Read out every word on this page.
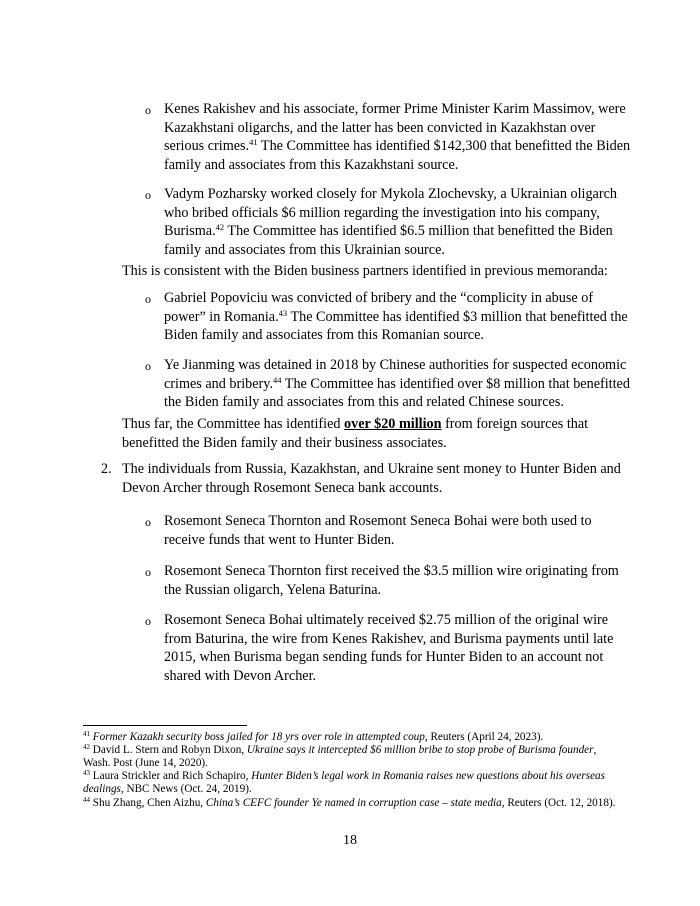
o Kenes Rakishev and his associate, former Prime Minister Karim Massimov, were Kazakhstani oligarchs, and the latter has been convicted in Kazakhstan over serious crimes.$^{41}$ The Committee has identified $142,300 that benefitted the Biden family and associates from this Kazakhstani source.
o Vadym Pozharsky worked closely for Mykola Zlochevsky, a Ukrainian oligarch who bribed officials $6 million regarding the investigation into his company, Burisma.$^{42}$ The Committee has identified $6.5 million that benefitted the Biden family and associates from this Ukrainian source.
This is consistent with the Biden business partners identified in previous memoranda:
o Gabriel Popoviciu was convicted of bribery and the “complicity in abuse of power” in Romania.$^{43}$ The Committee has identified $3 million that benefitted the Biden family and associates from this Romanian source.
o Ye Jianming was detained in 2018 by Chinese authorities for suspected economic crimes and bribery.$^{44}$ The Committee has identified over $8 million that benefitted the Biden family and associates from this and related Chinese sources.
Thus far, the Committee has identified over $20 million from foreign sources that benefitted the Biden family and their business associates.
2. The individuals from Russia, Kazakhstan, and Ukraine sent money to Hunter Biden and Devon Archer through Rosemont Seneca bank accounts.
o Rosemont Seneca Thornton and Rosemont Seneca Bohai were both used to receive funds that went to Hunter Biden.
o Rosemont Seneca Thornton first received the $3.5 million wire originating from the Russian oligarch, Yelena Baturina.
o Rosemont Seneca Bohai ultimately received $2.75 million of the original wire from Baturina, the wire from Kenes Rakishev, and Burisma payments until late 2015, when Burisma began sending funds for Hunter Biden to an account not shared with Devon Archer.
$^{41}$ Former Kazakh security boss jailed for 18 yrs over role in attempted coup, Reuters (April 24, 2023).
$^{42}$ David L. Stern and Robyn Dixon, Ukraine says it intercepted $6 million bribe to stop probe of Burisma founder, Wash. Post (June 14, 2020).
$^{43}$ Laura Strickler and Rich Schapiro, Hunter Biden’s legal work in Romania raises new questions about his overseas dealings, NBC News (Oct. 24, 2019).
$^{44}$ Shu Zhang, Chen Aizhu, China’s CEFC founder Ye named in corruption case – state media, Reuters (Oct. 12, 2018).
18
